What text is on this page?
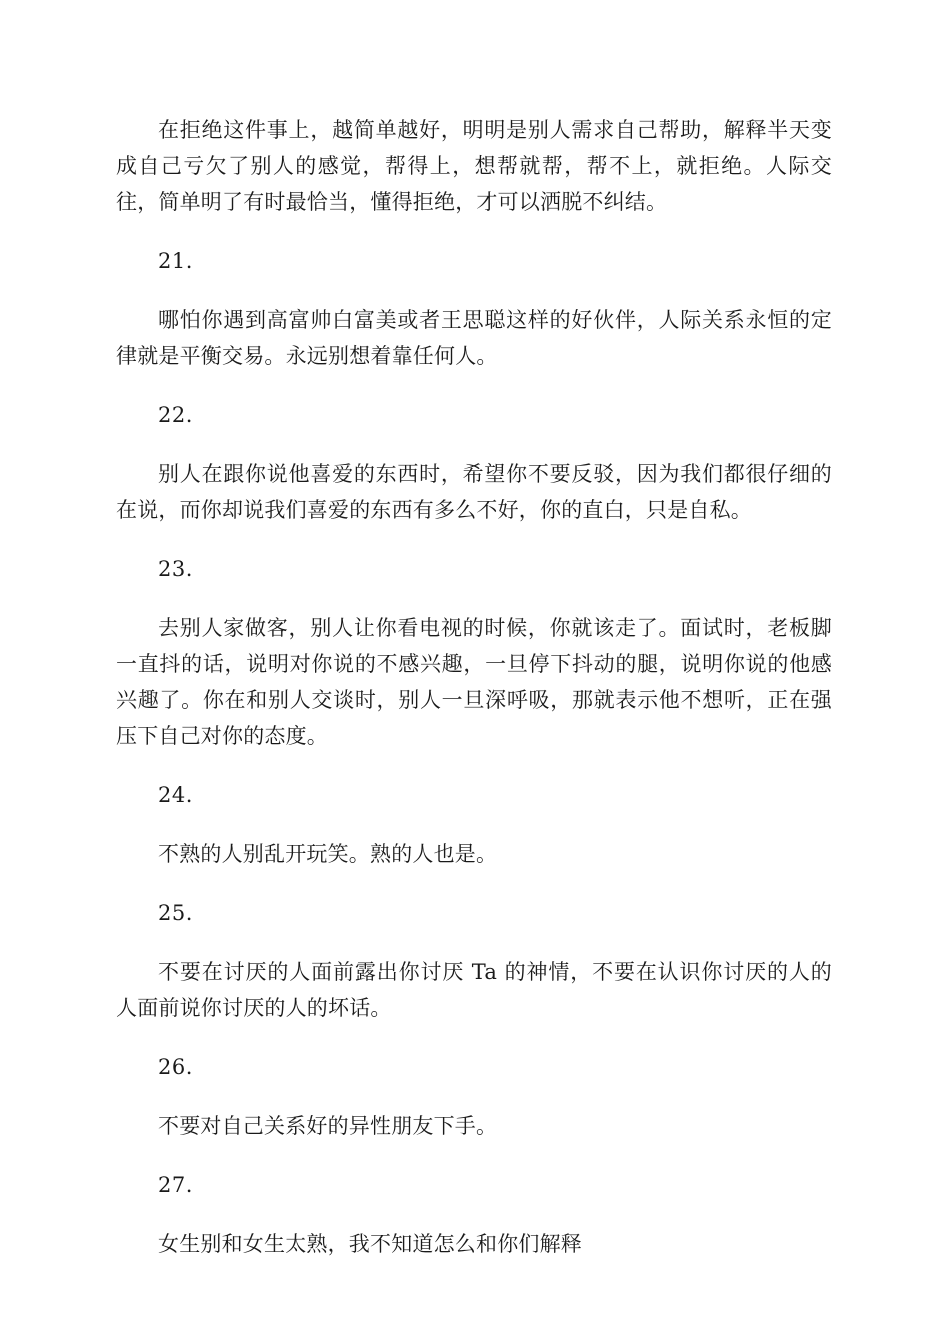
在拒绝这件事上，越简单越好，明明是别人需求自己帮助，解释半天变成自己亏欠了别人的感觉，帮得上，想帮就帮，帮不上，就拒绝。人际交往，简单明了有时最恰当，懂得拒绝，才可以洒脱不纠结。

21.

哪怕你遇到高富帅白富美或者王思聪这样的好伙伴，人际关系永恒的定律就是平衡交易。永远别想着靠任何人。

22.

别人在跟你说他喜爱的东西时，希望你不要反驳，因为我们都很仔细的在说，而你却说我们喜爱的东西有多么不好，你的直白，只是自私。

23.

去别人家做客，别人让你看电视的时候，你就该走了。面试时，老板脚一直抖的话，说明对你说的不感兴趣，一旦停下抖动的腿，说明你说的他感兴趣了。你在和别人交谈时，别人一旦深呼吸，那就表示他不想听，正在强压下自己对你的态度。

24.

不熟的人别乱开玩笑。熟的人也是。

25.

不要在讨厌的人面前露出你讨厌 Ta 的神情，不要在认识你讨厌的人的人面前说你讨厌的人的坏话。

26.

不要对自己关系好的异性朋友下手。

27.

女生别和女生太熟，我不知道怎么和你们解释
